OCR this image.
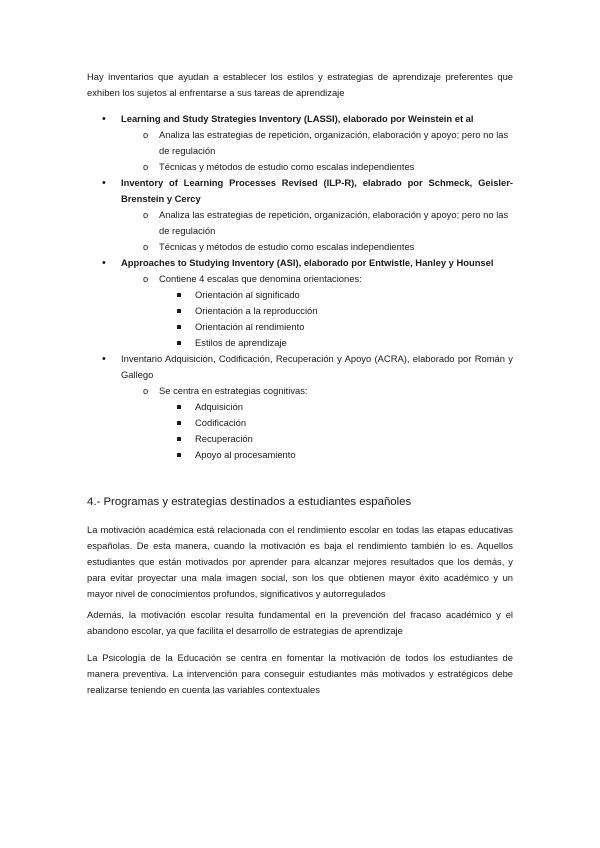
Hay inventarios que ayudan a establecer los estilos y estrategias de aprendizaje preferentes que exhiben los sujetos al enfrentarse a sus tareas de aprendizaje

• Learning and Study Strategies Inventory (LASSI), elaborado por Weinstein et al
o Analiza las estrategias de repetición, organización, elaboración y apoyo; pero no las de regulación
o Técnicas y métodos de estudio como escalas independientes
• Inventory of Learning Processes Revised (ILP-R), elabrado por Schmeck, Geisler-Brenstein y Cercy
o Analiza las estrategias de repetición, organización, elaboración y apoyo; pero no las de regulación
o Técnicas y métodos de estudio como escalas independientes
• Approaches to Studying Inventory (ASI), elaborado por Entwistle, Hanley y Hounsel
o Contiene 4 escalas que denomina orientaciones:
Orientación al significado
Orientación a la reproducción
Orientación al rendimiento
Estilos de aprendizaje
• Inventario Adquisición, Codificación, Recuperación y Apoyo (ACRA), elaborado por Román y Gallego
o Se centra en estrategias cognitivas:
Adquisición
Codificación
Recuperación
Apoyo al procesamiento
4.- Programas y estrategias destinados a estudiantes españoles

La motivación académica está relacionada con el rendimiento escolar en todas las etapas educativas españolas. De esta manera, cuando la motivación es baja el rendimiento también lo es. Aquellos estudiantes que están motivados por aprender para alcanzar mejores resultados que los demás, y para evitar proyectar una mala imagen social, son los que obtienen mayor éxito académico y un mayor nivel de conocimientos profundos, significativos y autorregulados

Además, la motivación escolar resulta fundamental en la prevención del fracaso académico y el abandono escolar, ya que facilita el desarrollo de estrategias de aprendizaje

La Psicología de la Educación se centra en fomentar la motivación de todos los estudiantes de manera preventiva. La intervención para conseguir estudiantes más motivados y estratégicos debe realizarse teniendo en cuenta las variables contextuales
